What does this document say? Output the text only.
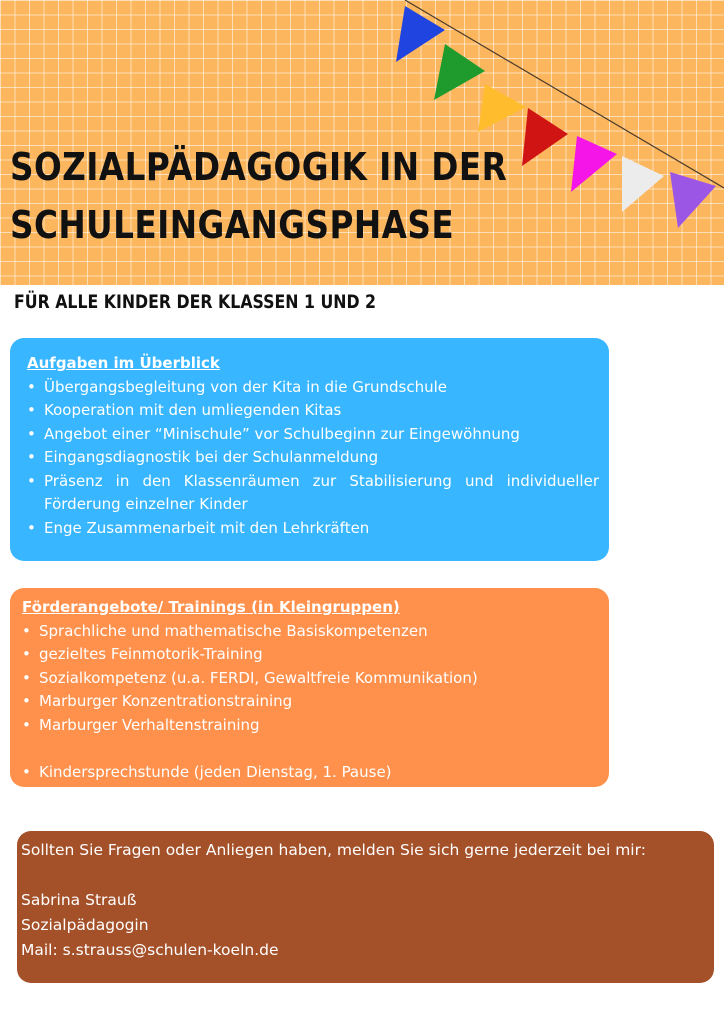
SOZIALPÄDAGOGIK IN DER
SCHULEINGANGSPHASE
FÜR ALLE KINDER DER KLASSEN 1 UND 2

Aufgaben im Überblick

• Übergangsbegleitung von der Kita in die Grundschule
• Kooperation mit den umliegenden Kitas
• Angebot einer “Minischule” vor Schulbeginn zur Eingewöhnung
• Eingangsdiagnostik bei der Schulanmeldung
• Präsenz in den Klassenräumen zur Stabilisierung und individueller Förderung einzelner Kinder
• Enge Zusammenarbeit mit den Lehrkräften

Förderangebote/ Trainings (in Kleingruppen)

• Sprachliche und mathematische Basiskompetenzen
• gezieltes Feinmotorik-Training
• Sozialkompetenz (u.a. FERDI, Gewaltfreie Kommunikation)
• Marburger Konzentrationstraining
• Marburger Verhaltenstraining
• Kindersprechstunde (jeden Dienstag, 1. Pause)

Sollten Sie Fragen oder Anliegen haben, melden Sie sich gerne jederzeit bei mir:

Sabrina Strauß

Sozialpädagogin

Mail: s.strauss@schulen-koeln.de
